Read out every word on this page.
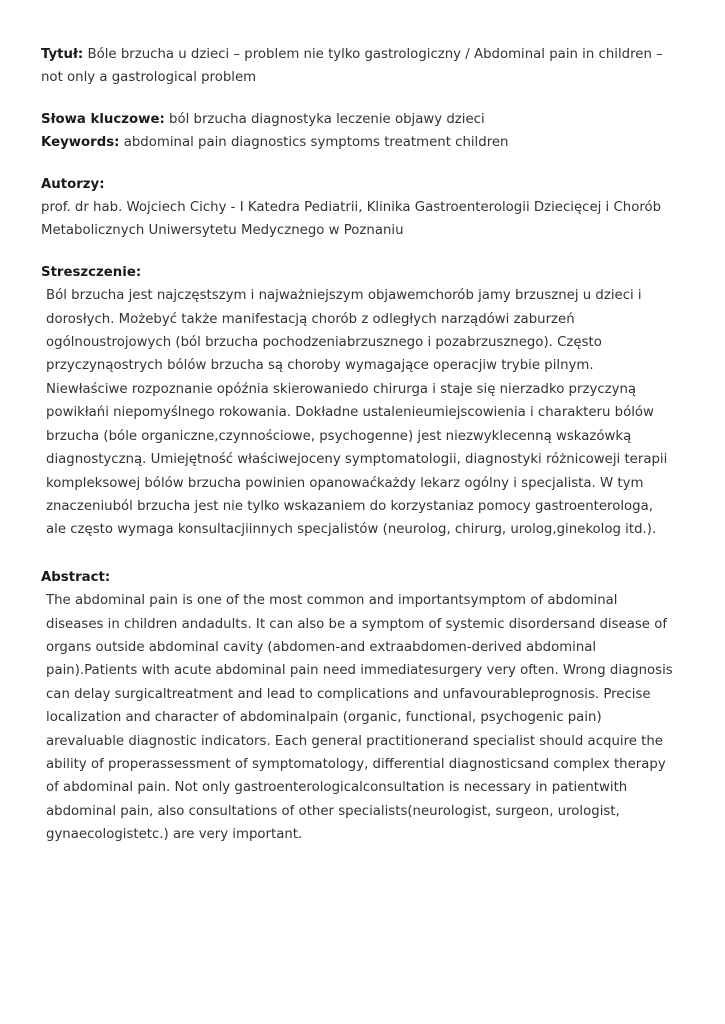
Tytuł: Bóle brzucha u dzieci – problem nie tylko gastrologiczny / Abdominal pain in children – not only a gastrological problem

Słowa kluczowe: ból brzucha diagnostyka leczenie objawy dzieci

Keywords: abdominal pain diagnostics symptoms treatment children

Autorzy:

prof. dr hab. Wojciech Cichy - I Katedra Pediatrii, Klinika Gastroenterologii Dziecięcej i Chorób Metabolicznych Uniwersytetu Medycznego w Poznaniu

Streszczenie:

Ból brzucha jest najczęstszym i najważniejszym objawemchorób jamy brzusznej u dzieci i dorosłych. Możebyć także manifestacją chorób z odległych narządówi zaburzeń ogólnoustrojowych (ból brzucha pochodzeniabrzusznego i pozabrzusznego). Często przyczynąostrych bólów brzucha są choroby wymagające operacjiw trybie pilnym. Niewłaściwe rozpoznanie opóźnia skierowaniedo chirurga i staje się nierzadko przyczyną powikłańi niepomyślnego rokowania. Dokładne ustalenieumiejscowienia i charakteru bólów brzucha (bóle organiczne,czynnościowe, psychogenne) jest niezwyklecenną wskazówką diagnostyczną. Umiejętność właściwejoceny symptomatologii, diagnostyki różnicowejі terapii kompleksowej bólów brzucha powinien opanowaćkażdy lekarz ogólny i specjalista. W tym znaczeniuból brzucha jest nie tylko wskazaniem do korzystaniaz pomocy gastroenterologa, ale często wymaga konsultacjiinnych specjalistów (neurolog, chirurg, urolog,ginekolog itd.).

Abstract:

The abdominal pain is one of the most common and importantsymptom of abdominal diseases in children andadults. It can also be a symptom of systemic disordersand disease of organs outside abdominal cavity (abdomen-and extraabdomen-derived abdominal pain).Patients with acute abdominal pain need immediatesurgery very often. Wrong diagnosis can delay surgicaltreatment and lead to complications and unfavourableprognosis. Precise localization and character of abdominalpain (organic, functional, psychogenic pain) arevaluable diagnostic indicators. Each general practitionerand specialist should acquire the ability of properassessment of symptomatology, differential diagnosticsand complex therapy of abdominal pain. Not only gastroenterologicalconsultation is necessary in patientwith abdominal pain, also consultations of other specialists(neurologist, surgeon, urologist, gynaecologistetc.) are very important.
